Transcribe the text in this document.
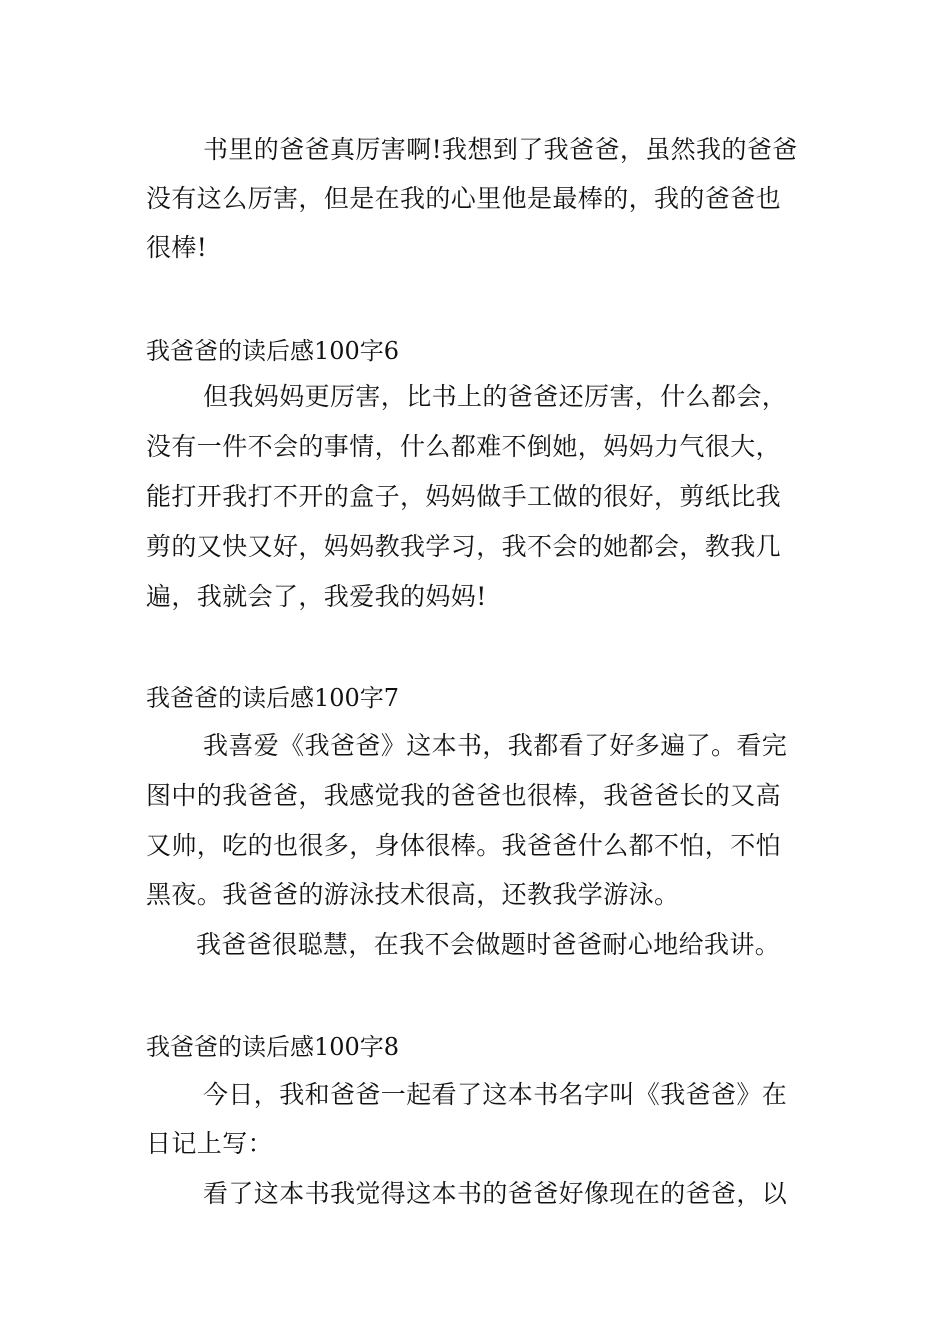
书里的爸爸真厉害啊!我想到了我爸爸，虽然我的爸爸
没有这么厉害，但是在我的心里他是最棒的，我的爸爸也
很棒!
我爸爸的读后感100字6
但我妈妈更厉害，比书上的爸爸还厉害，什么都会，
没有一件不会的事情，什么都难不倒她，妈妈力气很大，
能打开我打不开的盒子，妈妈做手工做的很好，剪纸比我
剪的又快又好，妈妈教我学习，我不会的她都会，教我几
遍，我就会了，我爱我的妈妈!
我爸爸的读后感100字7
我喜爱《我爸爸》这本书，我都看了好多遍了。看完
图中的我爸爸，我感觉我的爸爸也很棒，我爸爸长的又高
又帅，吃的也很多，身体很棒。我爸爸什么都不怕，不怕
黑夜。我爸爸的游泳技术很高，还教我学游泳。
我爸爸很聪慧，在我不会做题时爸爸耐心地给我讲。
我爸爸的读后感100字8
今日，我和爸爸一起看了这本书名字叫《我爸爸》在
日记上写：
看了这本书我觉得这本书的爸爸好像现在的爸爸，以
